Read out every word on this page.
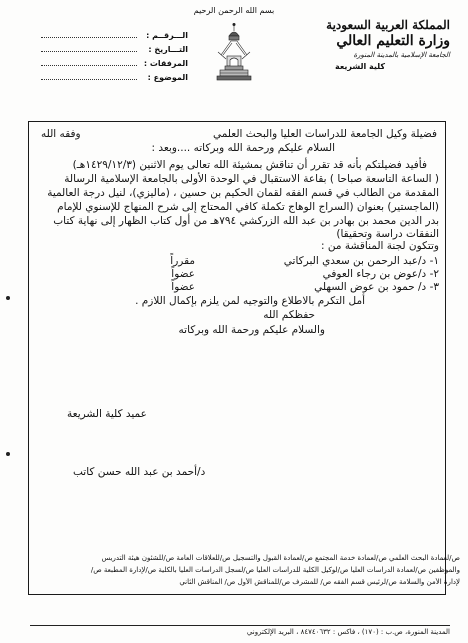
بسم الله الرحمن الرحيم
المملكة العربية السعودية
وزارة التعليم العالي
الجامعة الإسلامية بالمدينة المنورة
كلية الشريعة
الـــرقــم :
التـــاريخ :
المرفقات :
الموضوع :
فضيلة وكيل الجامعة للدراسات العليا والبحث العلمي
وفقه الله
السلام عليكم ورحمة الله وبركاته ....وبعد :
فأفيد فضيلتكم بأنه قد تقرر أن تناقش بمشيئة الله تعالى يوم الاثنين (١٤٢٩/١٢/٣هـ)
( الساعة التاسعة صباحا ) بقاعة الاستقبال في الوحدة الأولى بالجامعة الإسلامية الرسالة
المقدمة من الطالب في قسم الفقه لقمان الحكيم بن حسين ، (ماليزي)، لنيل درجة العالمية
(الماجستير) بعنوان (السراج الوهاج تكملة كافي المحتاج إلى شرح المنهاج للإسنوي للإمام
بدر الدين محمد بن بهادر بن عبد الله الزركشي ٧٩٤هـ من أول كتاب الظهار إلى نهاية كتاب
النفقات دراسة وتحقيقا)
وتتكون لجنة المناقشة من :
١- د/عبد الرحمن بن سعدي البركاتي
مقرراً
٢- د/عوض بن رجاء العوفي
عضواً
٣- د/ حمود بن عوض السهلي
عضواً
أمل التكرم بالاطلاع والتوجيه لمن يلزم بإكمال اللازم .
حفظكم الله
والسلام عليكم ورحمة الله وبركاته
عميد كلية الشريعة
د/أحمد بن عبد الله حسن كاتب
ص/لعمادة البحث العلمي ص/لعمادة خدمة المجتمع ص/لعمادة القبول والتسجيل ص/للعلاقات العامة ص/للشئون هيئة التدريس
والموظفين ص/لعمادة الدراسات العليا ص/لوكيل الكلية للدراسات العليا ص/لسجل الدراسات العليا بالكلية ص/لإدارة المطبعة ص/
لإدارة الأمن والسلامة ص/لرئيس قسم الفقه ص/ للمشرف ص/للمناقش الأول ص/ المناقش الثاني
المدينة المنورة، ص.ب : (١٧٠) ، فاكس : ٨٤٧٤٠٦٣٢ ، البريد الإلكتروني
